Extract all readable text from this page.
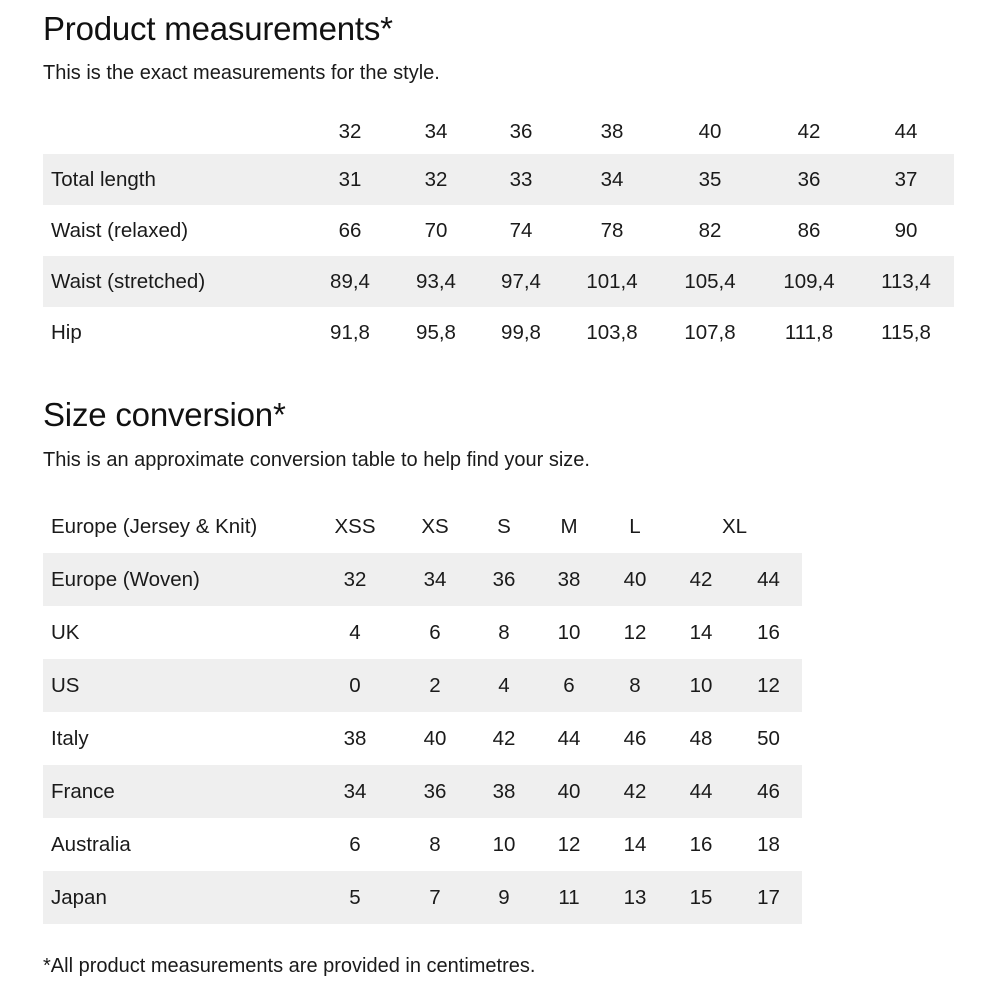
Product measurements*

This is the exact measurements for the style.

	32	34	36	38	40	42	44
Total length	31	32	33	34	35	36	37
Waist (relaxed)	66	70	74	78	82	86	90
Waist (stretched)	89,4	93,4	97,4	101,4	105,4	109,4	113,4
Hip	91,8	95,8	99,8	103,8	107,8	111,8	115,8
Size conversion*

This is an approximate conversion table to help find your size.

Europe (Jersey & Knit)	XSS	XS	S	M	L	XL	
Europe (Woven)	32	34	36	38	40	42	44
UK	4	6	8	10	12	14	16
US	0	2	4	6	8	10	12
Italy	38	40	42	44	46	48	50
France	34	36	38	40	42	44	46
Australia	6	8	10	12	14	16	18
Japan	5	7	9	11	13	15	17

*All product measurements are provided in centimetres.
